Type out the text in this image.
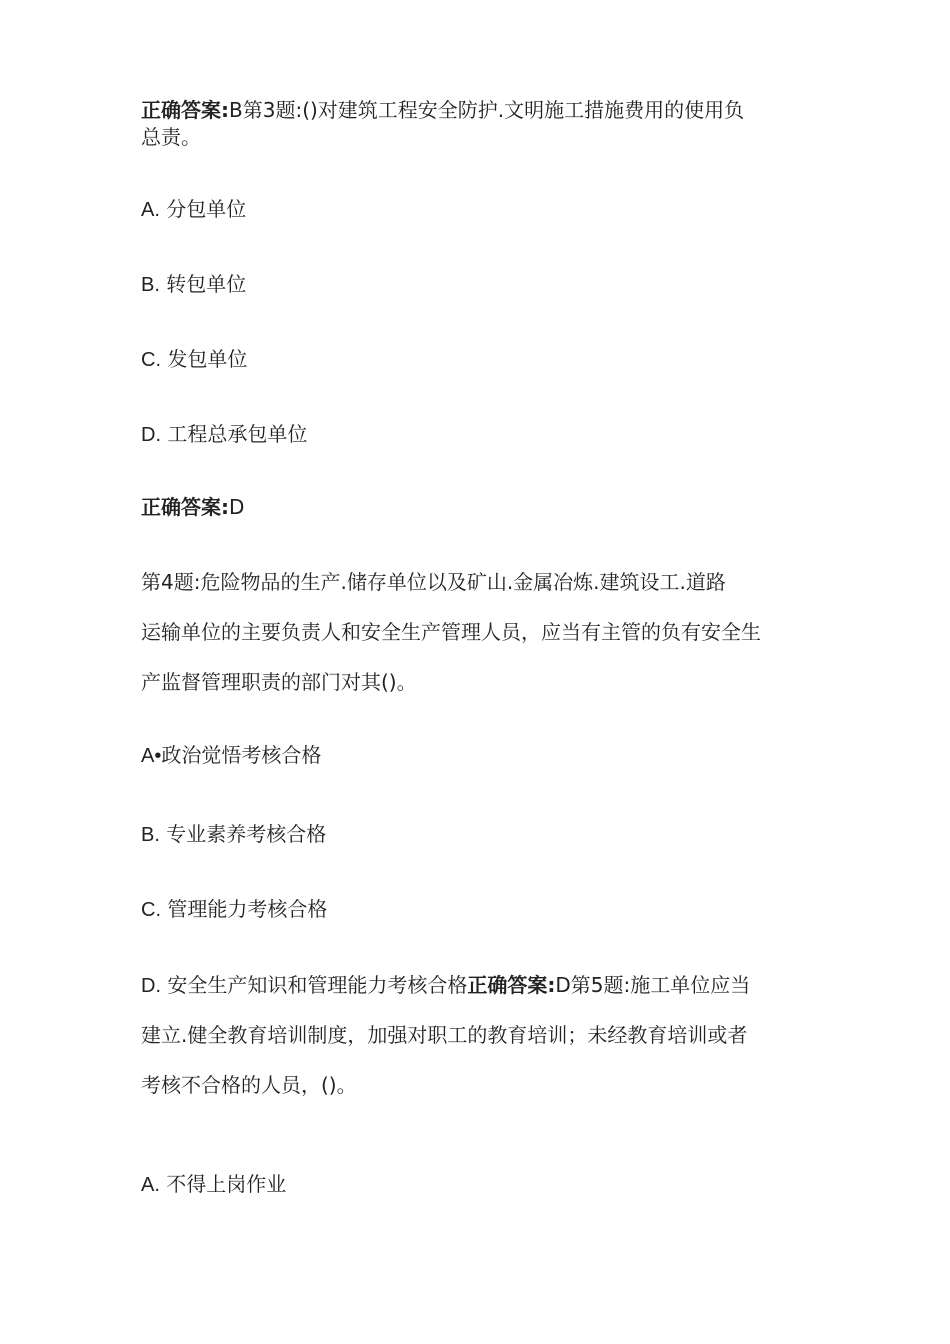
正确答案:B第3题:()对建筑工程安全防护.文明施工措施费用的使用负
总责。
A. 分包单位
B. 转包单位
C. 发包单位
D. 工程总承包单位
正确答案:D
第4题:危险物品的生产.储存单位以及矿山.金属冶炼.建筑设工.道路
运输单位的主要负责人和安全生产管理人员，应当有主管的负有安全生
产监督管理职责的部门对其()。
A•政治觉悟考核合格
B. 专业素养考核合格
C. 管理能力考核合格
D. 安全生产知识和管理能力考核合格正确答案:D第5题:施工单位应当
建立.健全教育培训制度，加强对职工的教育培训；未经教育培训或者
考核不合格的人员，()。
A. 不得上岗作业
